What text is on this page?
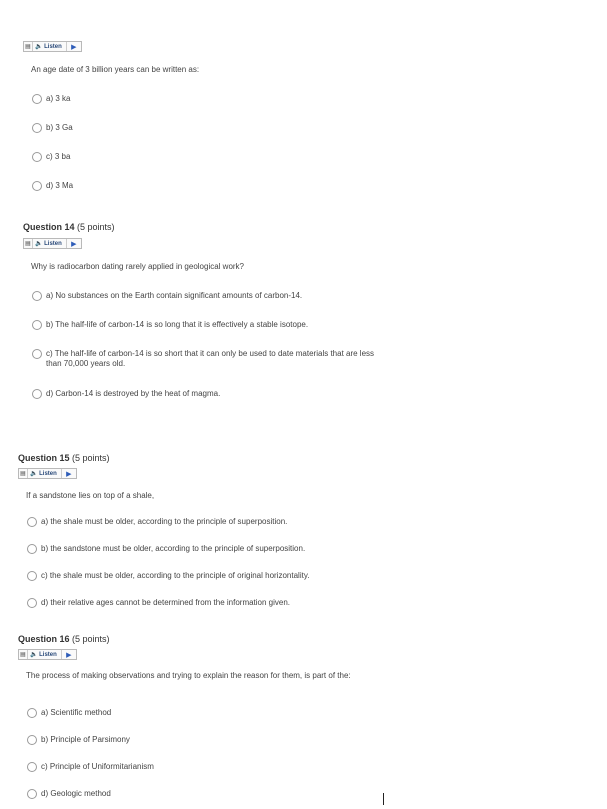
▤ 🔈 Listen	▶
An age date of 3 billion years can be written as:
a) 3 ka
b) 3 Ga
c) 3 ba
d) 3 Ma
Question 14 (5 points)
▤ 🔈 Listen	▶
Why is radiocarbon dating rarely applied in geological work?
a) No substances on the Earth contain significant amounts of carbon-14.
b) The half-life of carbon-14 is so long that it is effectively a stable isotope.
c) The half-life of carbon-14 is so short that it can only be used to date materials that are less than 70,000 years old.
d) Carbon-14 is destroyed by the heat of magma.
Question 15 (5 points)
▤ 🔈 Listen	▶
If a sandstone lies on top of a shale,
a) the shale must be older, according to the principle of superposition.
b) the sandstone must be older, according to the principle of superposition.
c) the shale must be older, according to the principle of original horizontality.
d) their relative ages cannot be determined from the information given.
Question 16 (5 points)
▤ 🔈 Listen	▶
The process of making observations and trying to explain the reason for them, is part of the:
a) Scientific method
b) Principle of Parsimony
c) Principle of Uniformitarianism
d) Geologic method
